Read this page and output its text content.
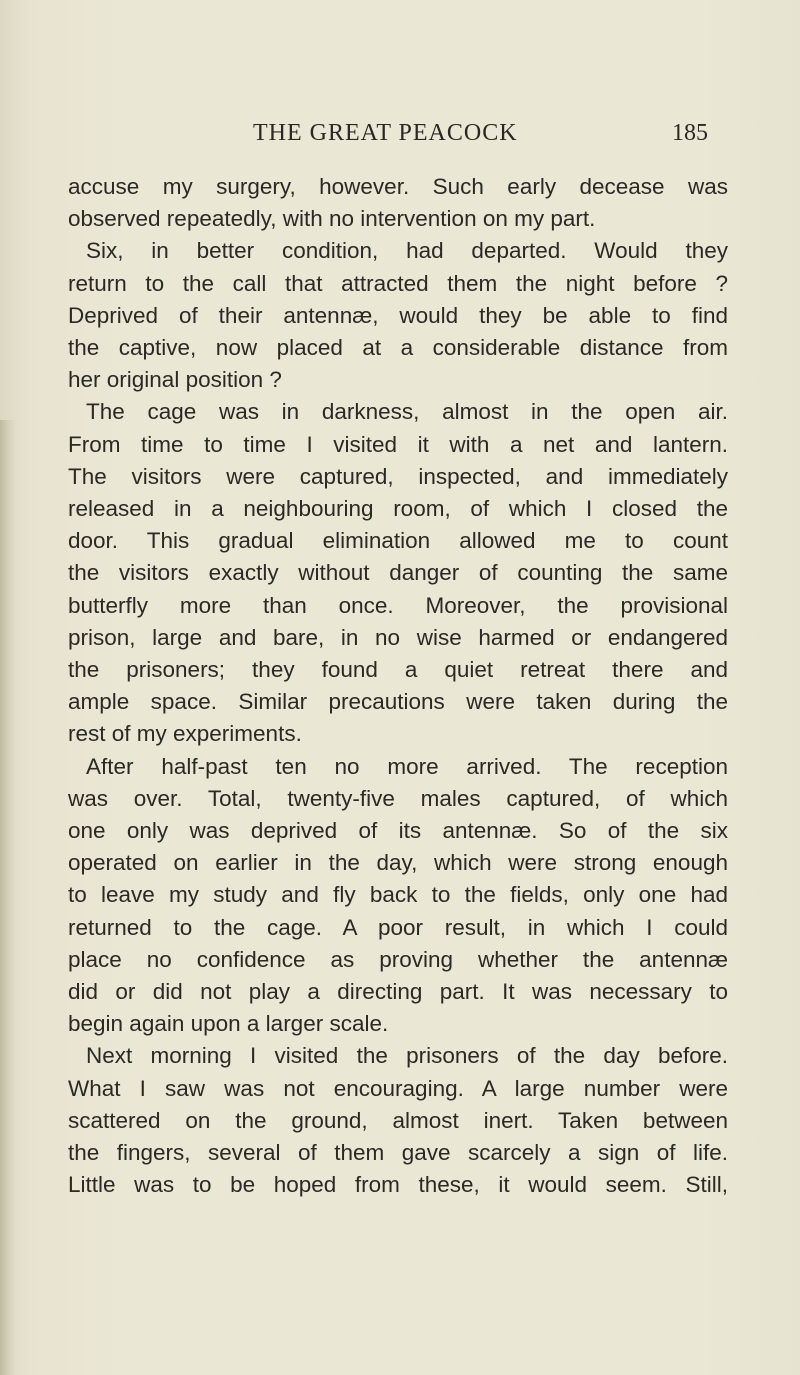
THE GREAT PEACOCK	185
accuse my surgery, however. Such early decease was
observed repeatedly, with no intervention on my part.
Six, in better condition, had departed. Would they
return to the call that attracted them the night before ?
Deprived of their antennæ, would they be able to find
the captive, now placed at a considerable distance from
her original position ?
The cage was in darkness, almost in the open air.
From time to time I visited it with a net and lantern.
The visitors were captured, inspected, and immediately
released in a neighbouring room, of which I closed the
door. This gradual elimination allowed me to count
the visitors exactly without danger of counting the same
butterfly more than once. Moreover, the provisional
prison, large and bare, in no wise harmed or endangered
the prisoners; they found a quiet retreat there and
ample space. Similar precautions were taken during the
rest of my experiments.
After half-past ten no more arrived. The reception
was over. Total, twenty-five males captured, of which
one only was deprived of its antennæ. So of the six
operated on earlier in the day, which were strong enough
to leave my study and fly back to the fields, only one had
returned to the cage. A poor result, in which I could
place no confidence as proving whether the antennæ
did or did not play a directing part. It was necessary to
begin again upon a larger scale.
Next morning I visited the prisoners of the day before.
What I saw was not encouraging. A large number were
scattered on the ground, almost inert. Taken between
the fingers, several of them gave scarcely a sign of life.
Little was to be hoped from these, it would seem. Still,
